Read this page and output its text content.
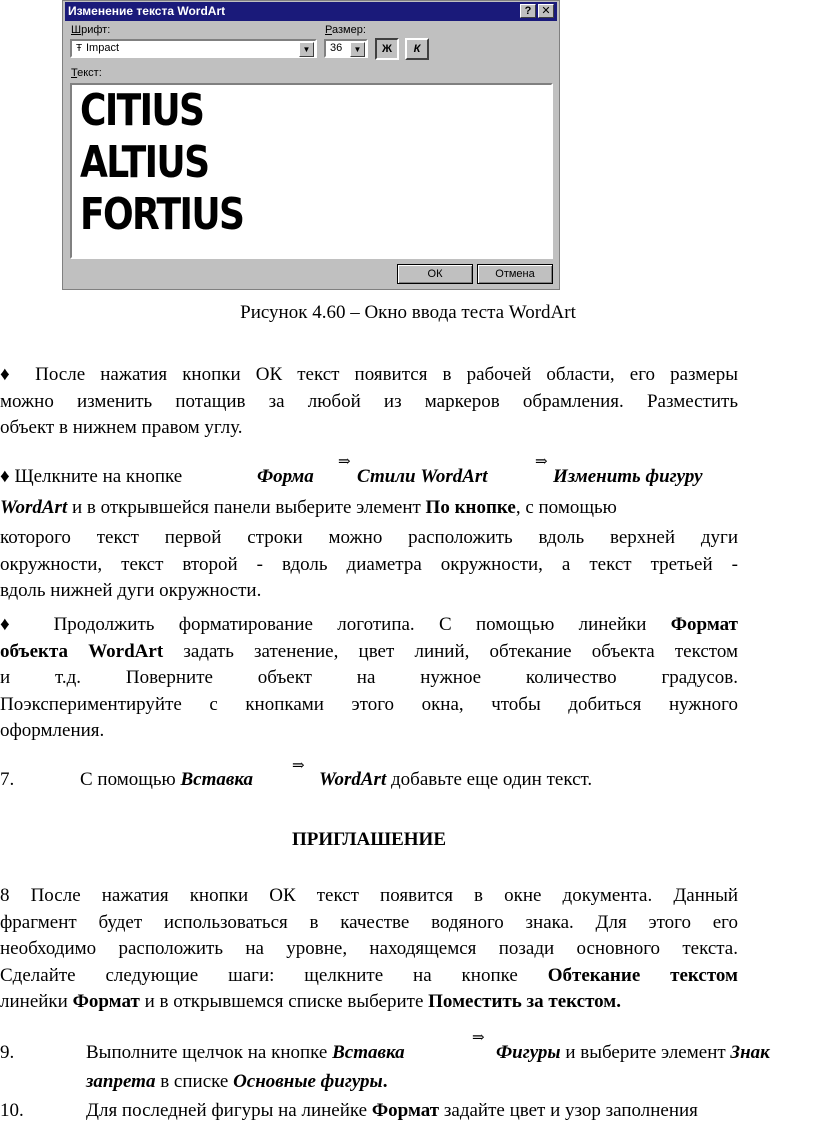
Изменение текста WordArt	? ✕
Шрифт:
Ŧ Impact	▼
Размер:
36	▼	Ж	К
Текст:
CITIUS
ALTIUS
FORTIUS
ОК	Отмена
Рисунок 4.60 – Окно ввода теста WordArt
♦ После нажатия кнопки ОК текст появится в рабочей области, его размеры
можно изменить потащив за любой из маркеров обрамления. Разместить
объект в нижнем правом углу.
♦ Щелкните на кнопке	Форма
⇒
Стили WordArt
⇒
Изменить фигуру
WordArt и в открывшейся панели выберите элемент По кнопке, с помощью
которого текст первой строки можно расположить вдоль верхней дуги
окружности, текст второй - вдоль диаметра окружности, а текст третьей -
вдоль нижней дуги окружности.
♦ Продолжить форматирование логотипа. С помощью линейки Формат
объекта WordArt задать затенение, цвет линий, обтекание объекта текстом
и т.д. Поверните объект на нужное количество градусов.
Поэкспериментируйте с кнопками этого окна, чтобы добиться нужного
оформления.
7.	С помощью Вставка
⇒
WordArt добавьте еще один текст.
ПРИГЛАШЕНИЕ
8 После нажатия кнопки ОК текст появится в окне документа. Данный
фрагмент будет использоваться в качестве водяного знака. Для этого его
необходимо расположить на уровне, находящемся позади основного текста.
Сделайте следующие шаги: щелкните на кнопке Обтекание текстом
линейки Формат и в открывшемся списке выберите Поместить за текстом.
9.	Выполните щелчок на кнопке Вставка
⇒
Фигуры и выберите элемент Знак
запрета в списке Основные фигуры.
10.	Для последней фигуры на линейке Формат задайте цвет и узор заполнения
